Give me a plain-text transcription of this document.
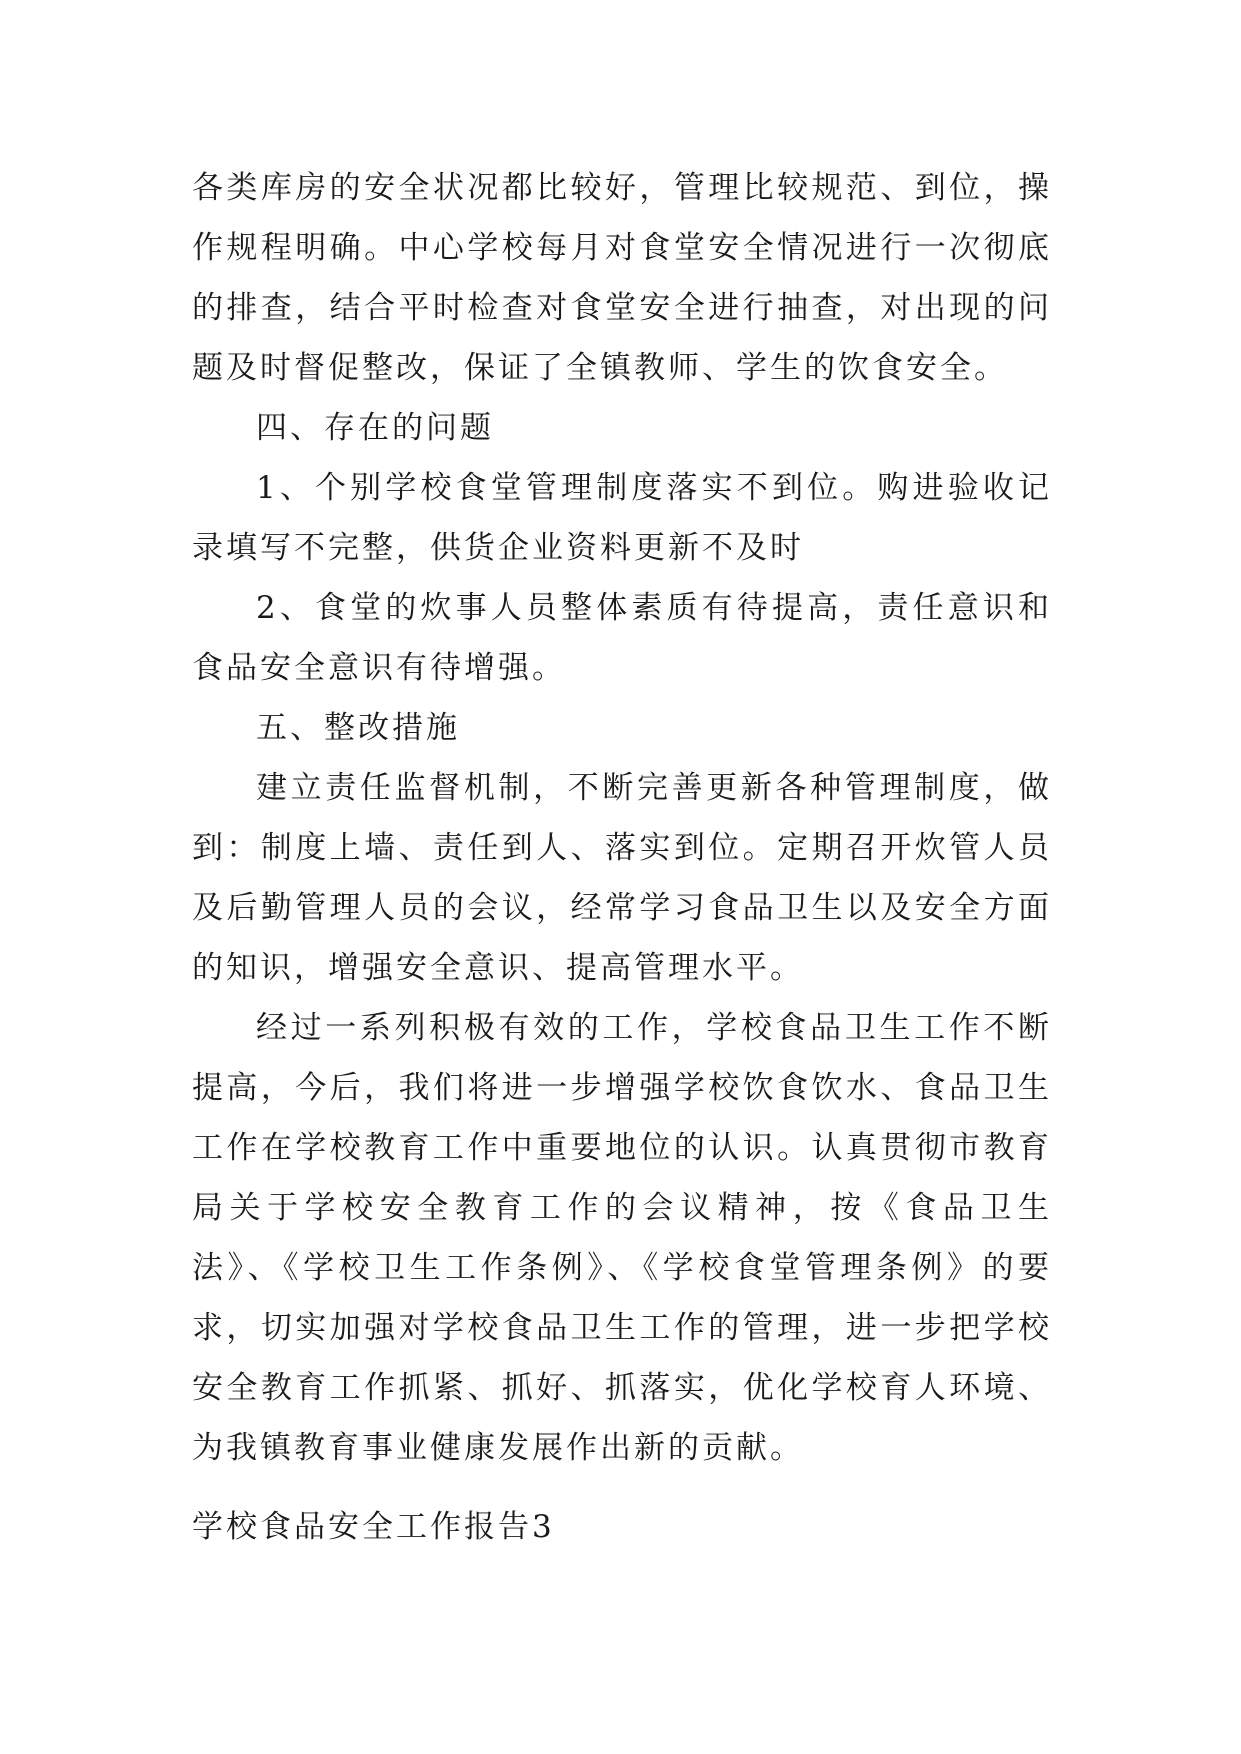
各类库房的安全状况都比较好，管理比较规范、到位，操作规程明确。中心学校每月对食堂安全情况进行一次彻底的排查，结合平时检查对食堂安全进行抽查，对出现的问题及时督促整改，保证了全镇教师、学生的饮食安全。

四、存在的问题

1、个别学校食堂管理制度落实不到位。购进验收记录填写不完整，供货企业资料更新不及时

2、食堂的炊事人员整体素质有待提高，责任意识和食品安全意识有待增强。

五、整改措施

建立责任监督机制，不断完善更新各种管理制度，做到：制度上墙、责任到人、落实到位。定期召开炊管人员及后勤管理人员的会议，经常学习食品卫生以及安全方面的知识，增强安全意识、提高管理水平。

经过一系列积极有效的工作，学校食品卫生工作不断提高，今后，我们将进一步增强学校饮食饮水、食品卫生工作在学校教育工作中重要地位的认识。认真贯彻市教育局关于学校安全教育工作的会议精神，按《食品卫生法》、《学校卫生工作条例》、《学校食堂管理条例》的要求，切实加强对学校食品卫生工作的管理，进一步把学校安全教育工作抓紧、抓好、抓落实，优化学校育人环境、为我镇教育事业健康发展作出新的贡献。

学校食品安全工作报告3
